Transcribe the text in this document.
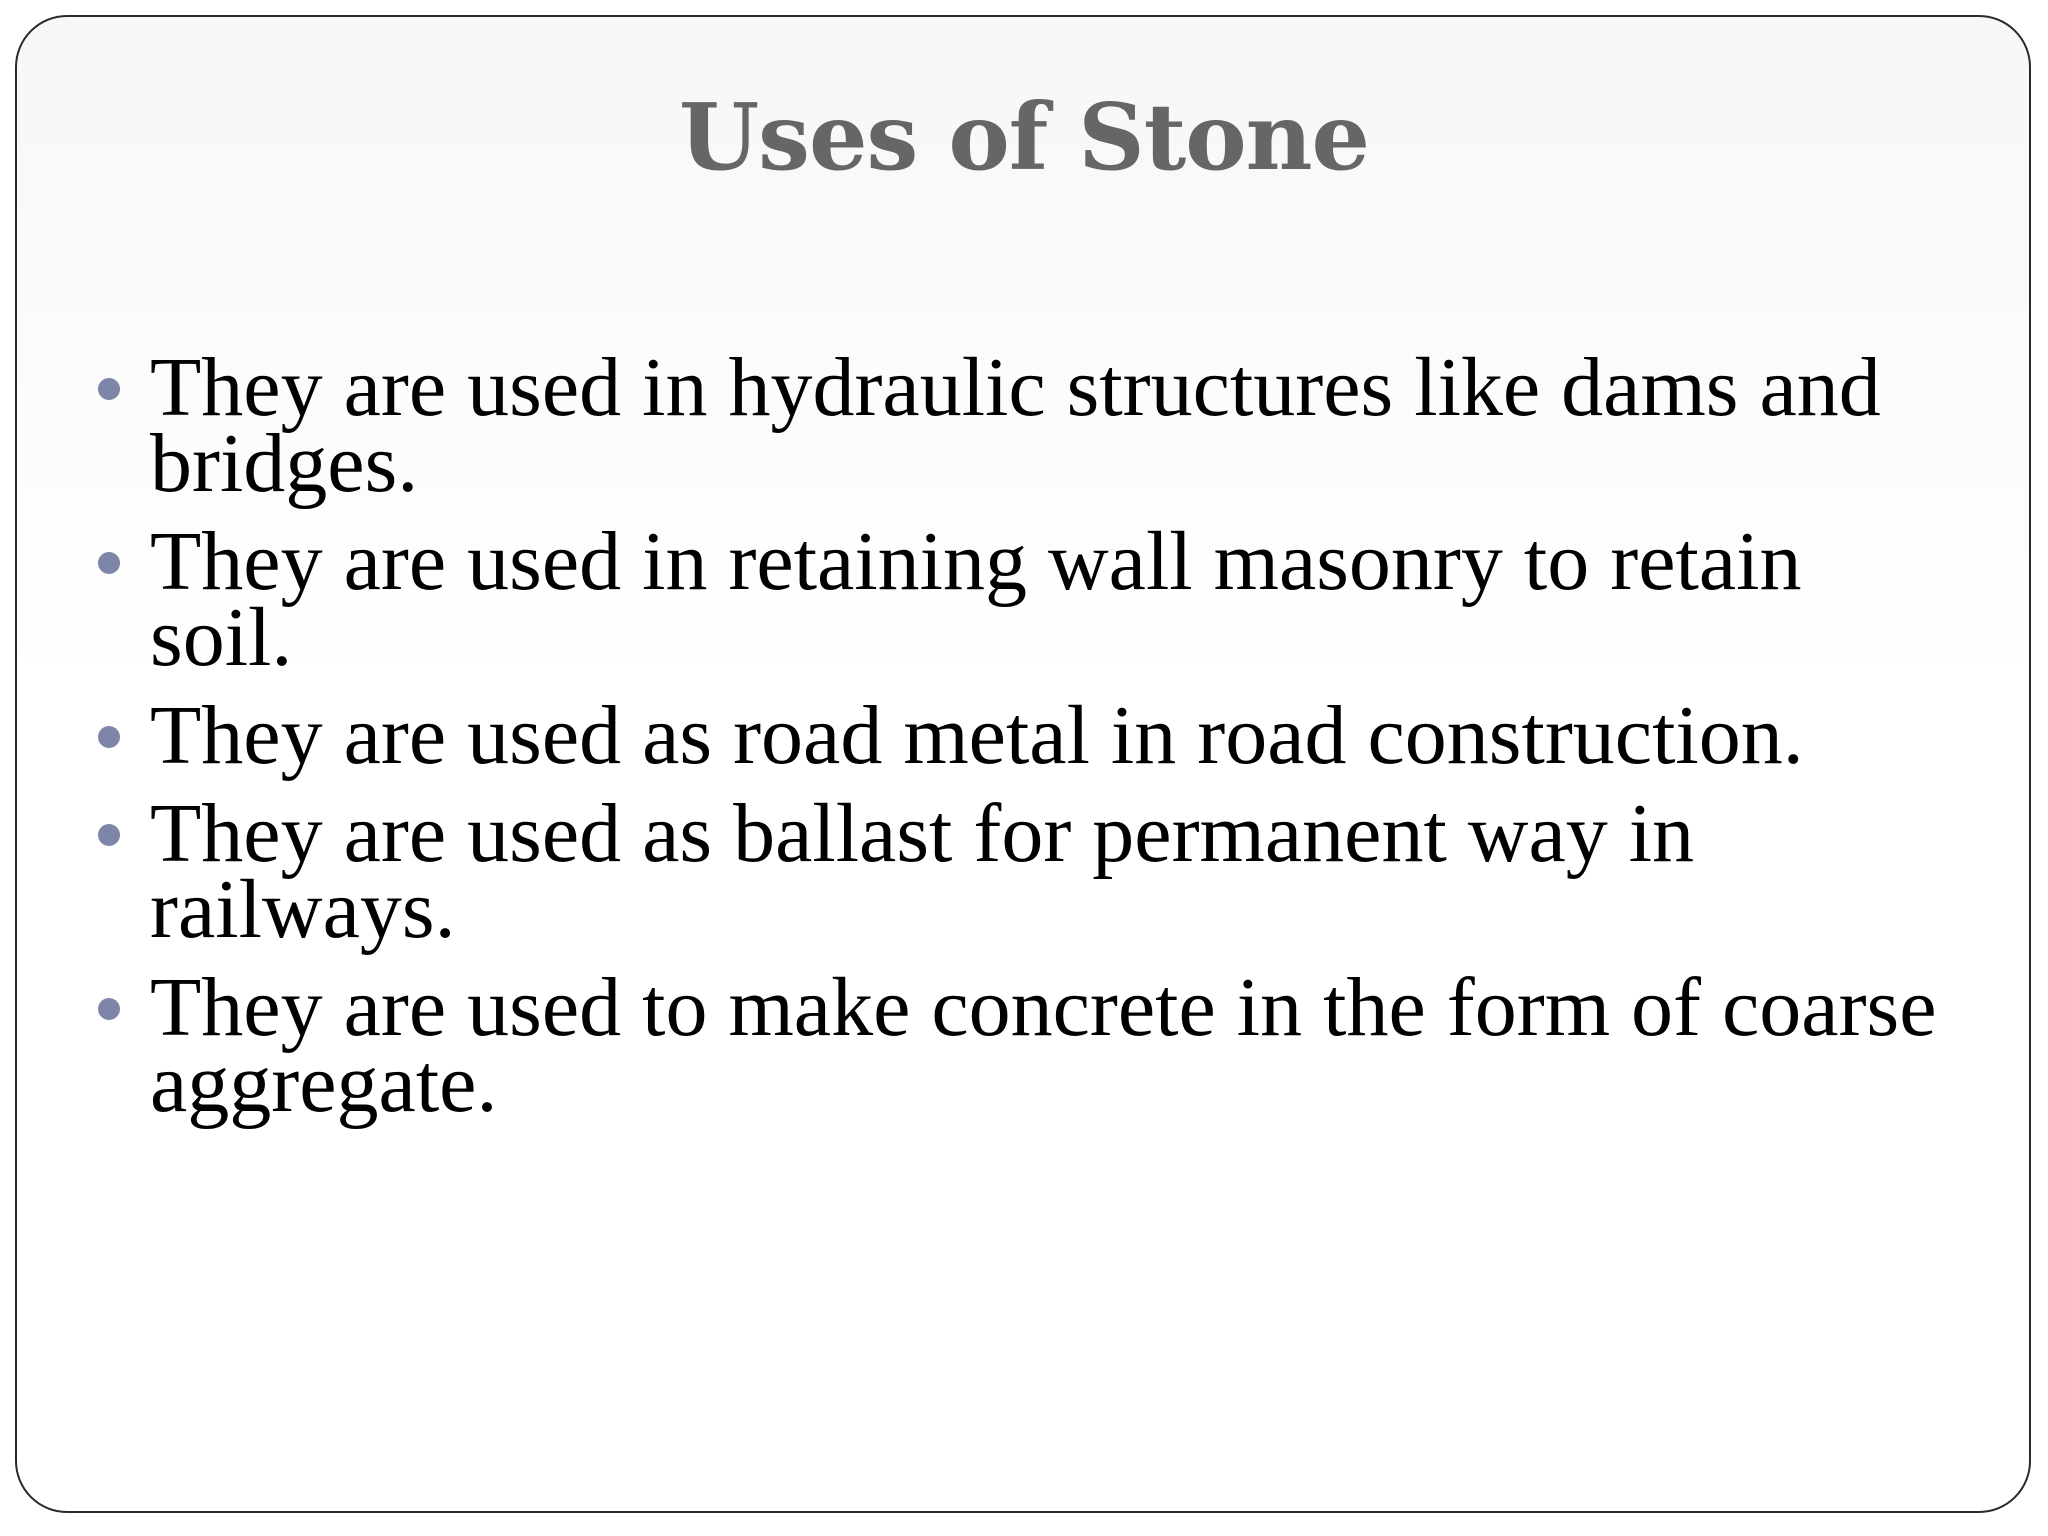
Uses of Stone
They are used in hydraulic structures like dams and bridges.
They are used in retaining wall masonry to retain soil.
They are used as road metal in road construction.
They are used as ballast for permanent way in railways.
They are used to make concrete in the form of coarse aggregate.
